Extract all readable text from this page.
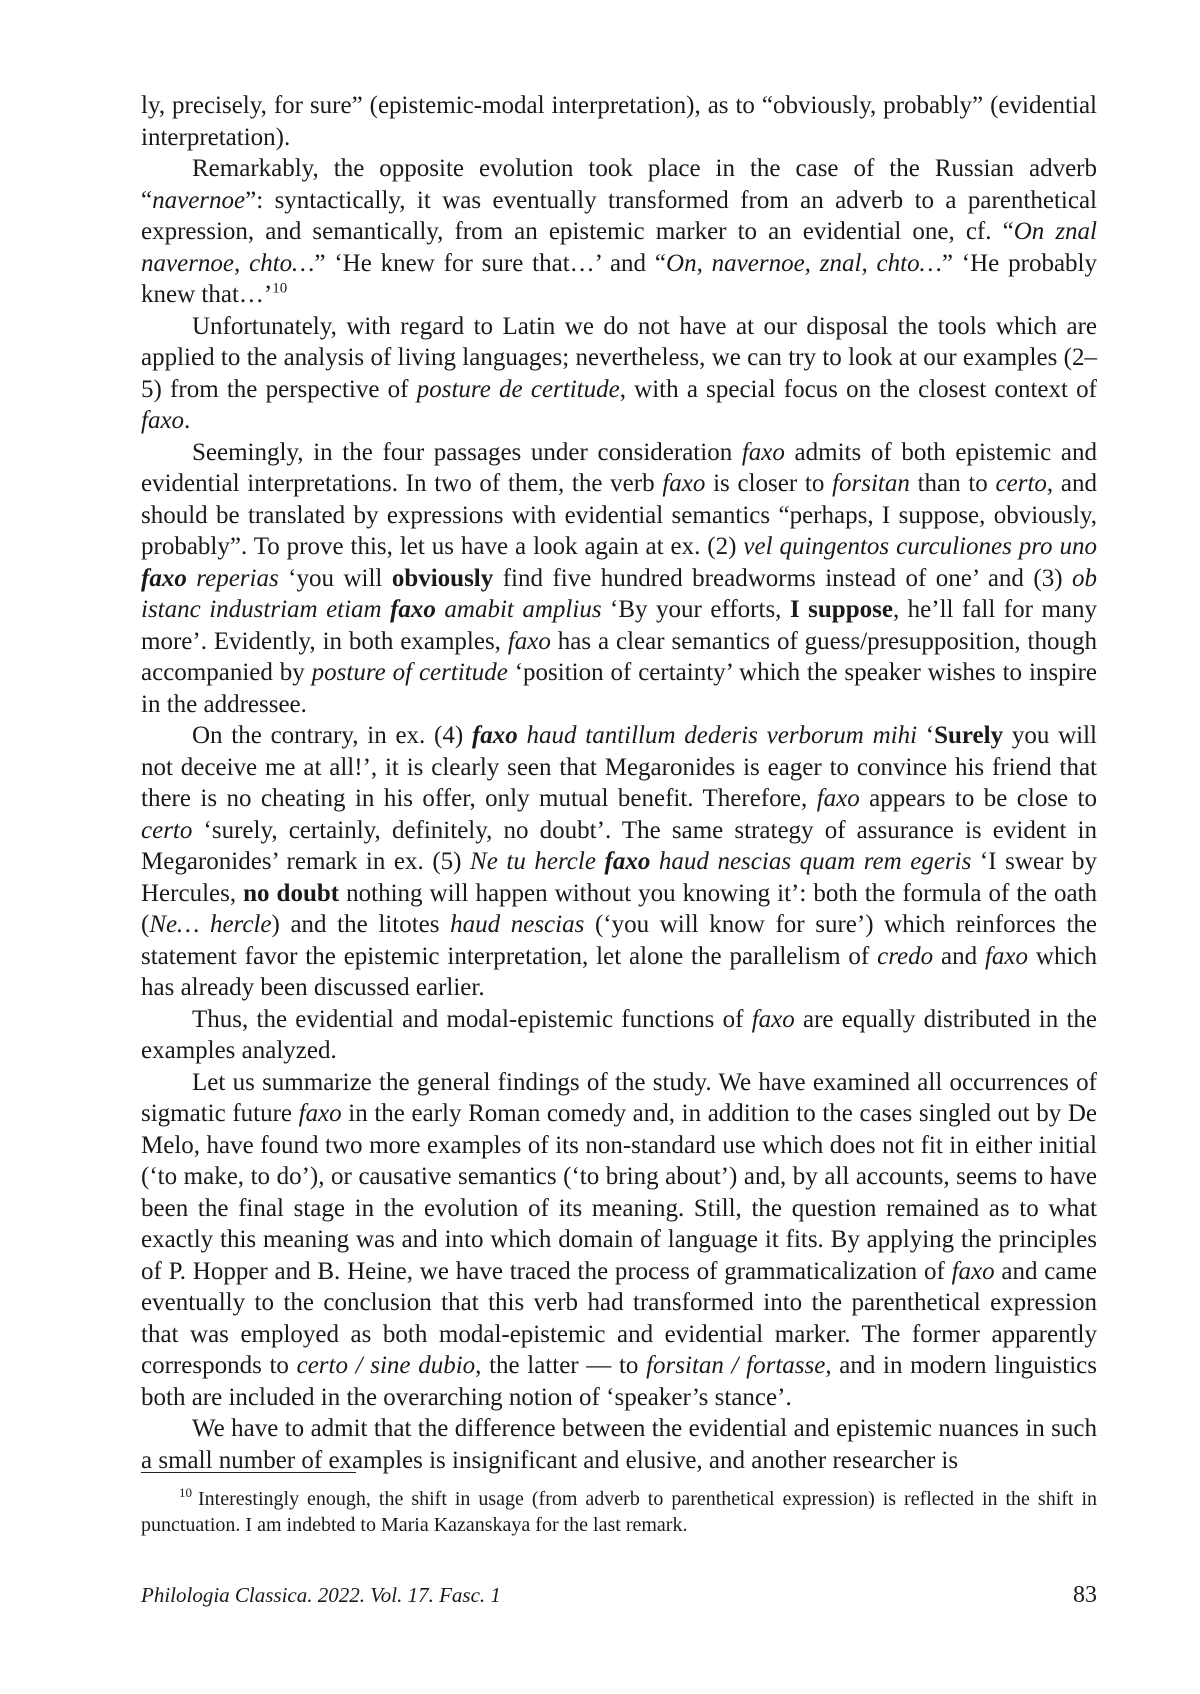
ly, precisely, for sure” (epistemic-modal interpretation), as to “obviously, probably” (evidential interpretation).

Remarkably, the opposite evolution took place in the case of the Russian adverb “navernoe”: syntactically, it was eventually transformed from an adverb to a parenthetical expression, and semantically, from an epistemic marker to an evidential one, cf. “On znal navernoe, chto…” ‘He knew for sure that…’ and “On, navernoe, znal, chto…” ‘He probably knew that…’$^{10}$

Unfortunately, with regard to Latin we do not have at our disposal the tools which are applied to the analysis of living languages; nevertheless, we can try to look at our examples (2–5) from the perspective of posture de certitude, with a special focus on the closest context of faxo.

Seemingly, in the four passages under consideration faxo admits of both epistemic and evidential interpretations. In two of them, the verb faxo is closer to forsitan than to certo, and should be translated by expressions with evidential semantics “perhaps, I suppose, obviously, probably”. To prove this, let us have a look again at ex. (2) vel quingentos curculiones pro uno faxo reperias ‘you will obviously find five hundred breadworms instead of one’ and (3) ob istanc industriam etiam faxo amabit amplius ‘By your efforts, I suppose, he’ll fall for many more’. Evidently, in both examples, faxo has a clear semantics of guess/presupposition, though accompanied by posture of certitude ‘position of certainty’ which the speaker wishes to inspire in the addressee.

On the contrary, in ex. (4) faxo haud tantillum dederis verborum mihi ‘Surely you will not deceive me at all!’, it is clearly seen that Megaronides is eager to convince his friend that there is no cheating in his offer, only mutual benefit. Therefore, faxo appears to be close to certo ‘surely, certainly, definitely, no doubt’. The same strategy of assurance is evident in Megaronides’ remark in ex. (5) Ne tu hercle faxo haud nescias quam rem egeris ‘I swear by Hercules, no doubt nothing will happen without you knowing it’: both the formula of the oath (Ne… hercle) and the litotes haud nescias (‘you will know for sure’) which reinforces the statement favor the epistemic interpretation, let alone the parallelism of credo and faxo which has already been discussed earlier.

Thus, the evidential and modal-epistemic functions of faxo are equally distributed in the examples analyzed.

Let us summarize the general findings of the study. We have examined all occurrences of sigmatic future faxo in the early Roman comedy and, in addition to the cases singled out by De Melo, have found two more examples of its non-standard use which does not fit in either initial (‘to make, to do’), or causative semantics (‘to bring about’) and, by all accounts, seems to have been the final stage in the evolution of its meaning. Still, the question remained as to what exactly this meaning was and into which domain of language it fits. By applying the principles of P. Hopper and B. Heine, we have traced the process of grammaticalization of faxo and came eventually to the conclusion that this verb had transformed into the parenthetical expression that was employed as both modal-epistemic and evidential marker. The former apparently corresponds to certo / sine dubio, the latter — to forsitan / fortasse, and in modern linguistics both are included in the overarching notion of ‘speaker’s stance’.

We have to admit that the difference between the evidential and epistemic nuances in such a small number of examples is insignificant and elusive, and another researcher is

$^{10}$ Interestingly enough, the shift in usage (from adverb to parenthetical expression) is reflected in the shift in punctuation. I am indebted to Maria Kazanskaya for the last remark.
Philologia Classica. 2022. Vol. 17. Fasc. 1	83
